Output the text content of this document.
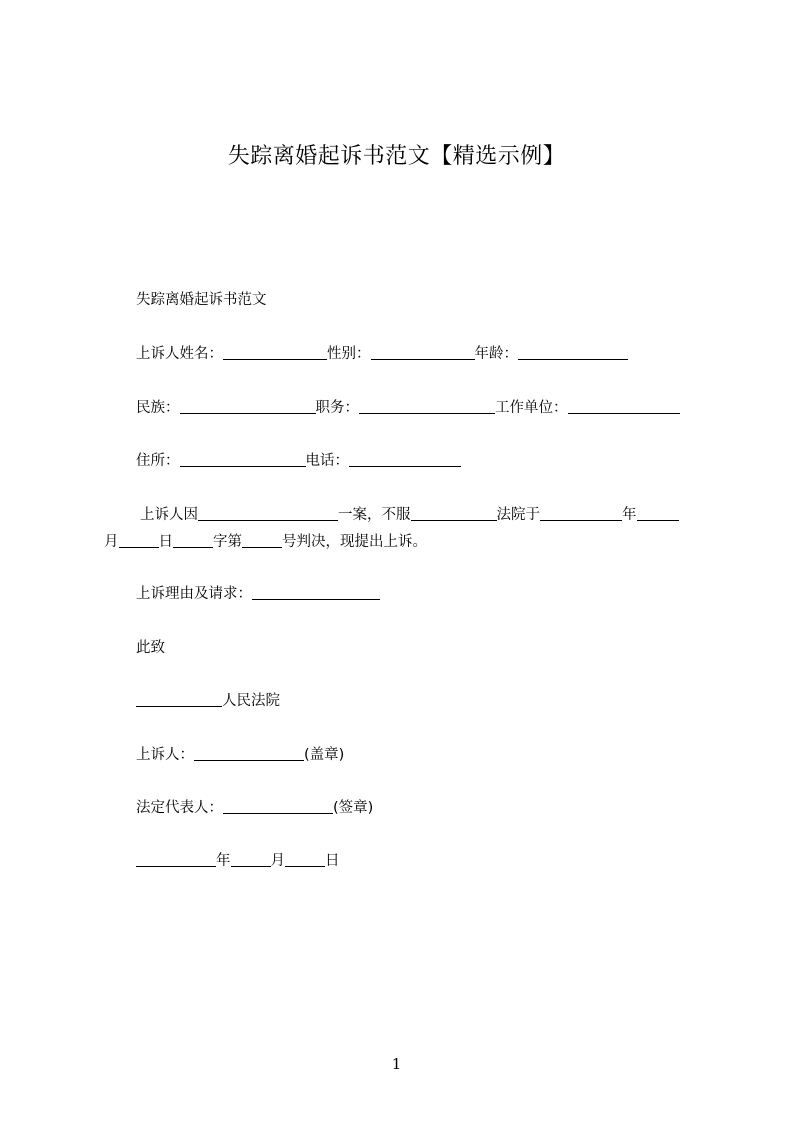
失踪离婚起诉书范文【精选示例】
失踪离婚起诉书范文
上诉人姓名：	性别：	年龄：
民族：	职务：	工作单位：
住所：	电话：
上诉人因	一案，不服	法院于	年
月	日	字第	号判决，现提出上诉。
上诉理由及请求：
此致
人民法院
上诉人：	(盖章)
法定代表人：	(签章)
年	月	日
1
